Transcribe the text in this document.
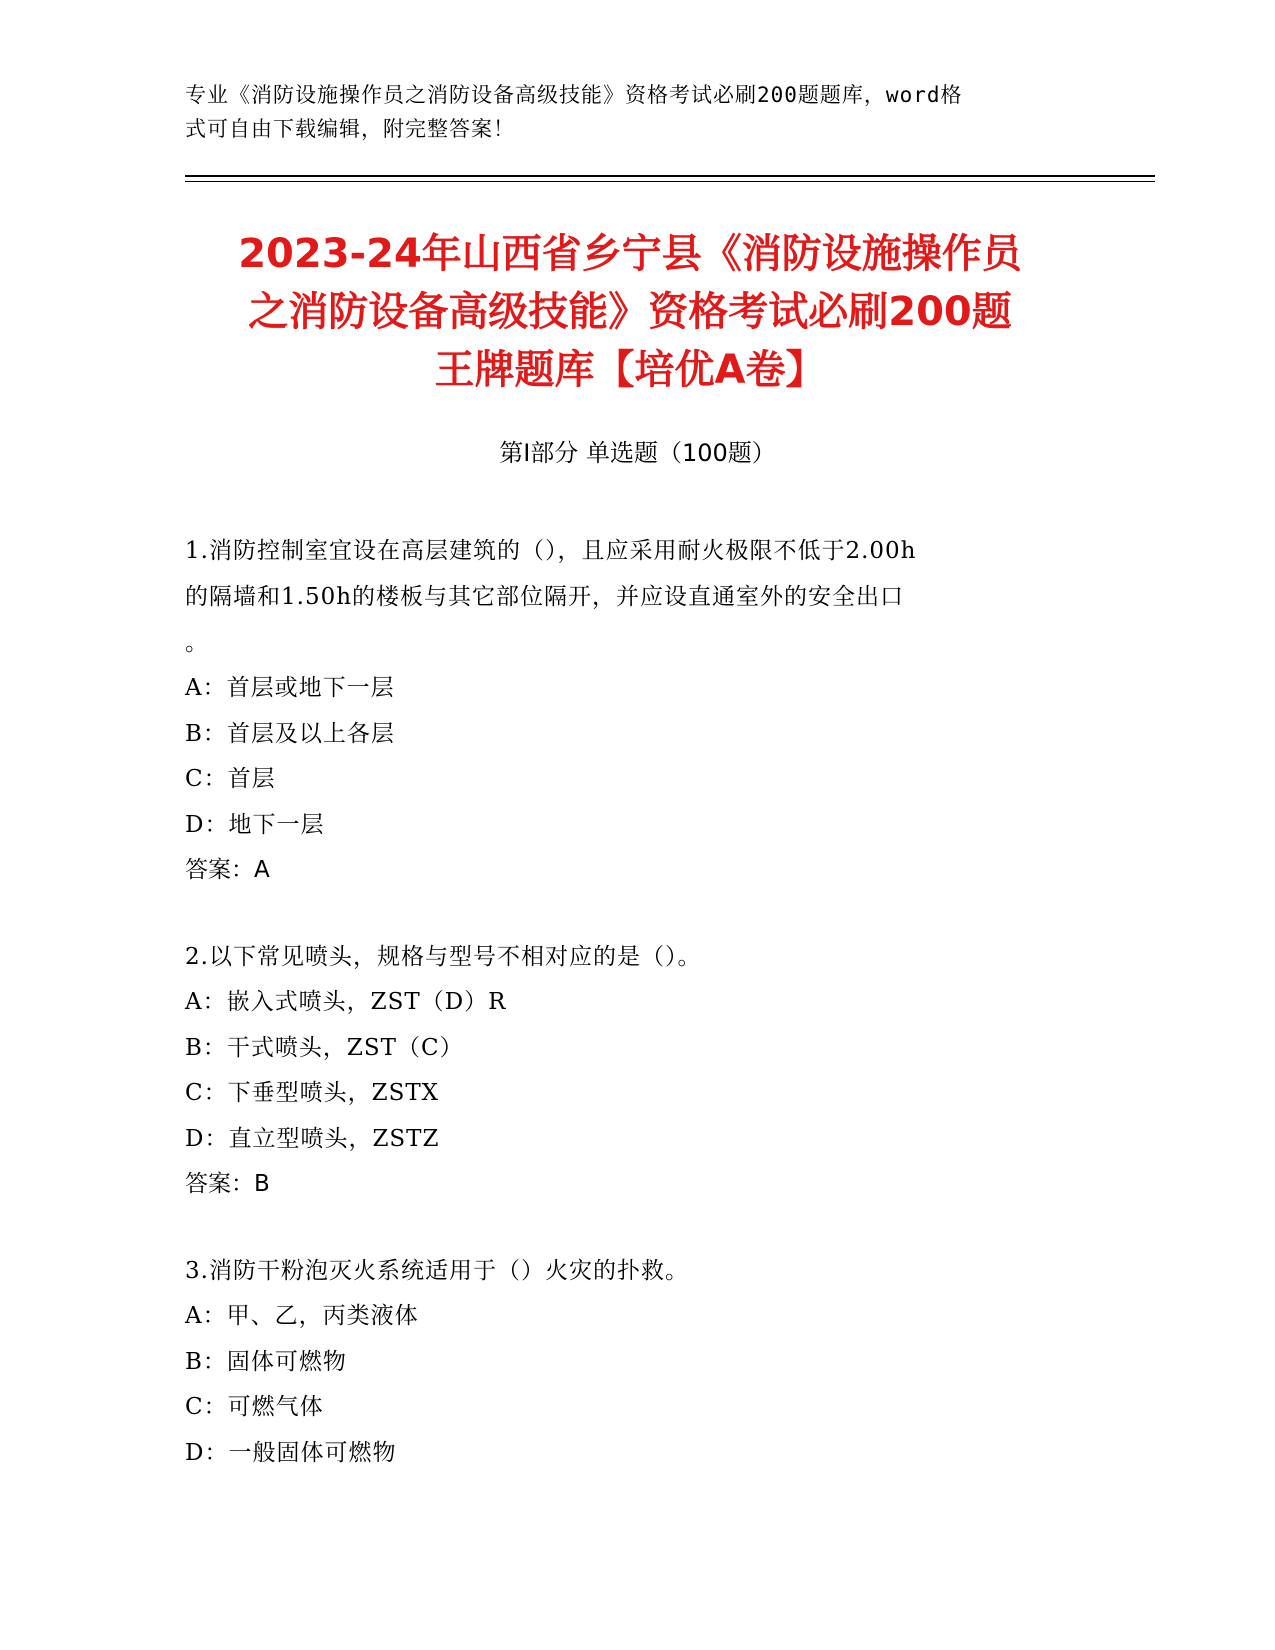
专业《消防设施操作员之消防设备高级技能》资格考试必刷200题题库，word格
式可自由下载编辑，附完整答案！
2023-24年山西省乡宁县《消防设施操作员
之消防设备高级技能》资格考试必刷200题
王牌题库【培优A卷】
第I部分 单选题（100题）
1.消防控制室宜设在高层建筑的（），且应采用耐火极限不低于2.00h
的隔墙和1.50h的楼板与其它部位隔开，并应设直通室外的安全出口
。
A：首层或地下一层
B：首层及以上各层
C：首层
D：地下一层
答案：A
2.以下常见喷头，规格与型号不相对应的是（）。
A：嵌入式喷头，ZST（D）R
B：干式喷头，ZST（C）
C：下垂型喷头，ZSTX
D：直立型喷头，ZSTZ
答案：B
3.消防干粉泡灭火系统适用于（）火灾的扑救。
A：甲、乙，丙类液体
B：固体可燃物
C：可燃气体
D：一般固体可燃物
